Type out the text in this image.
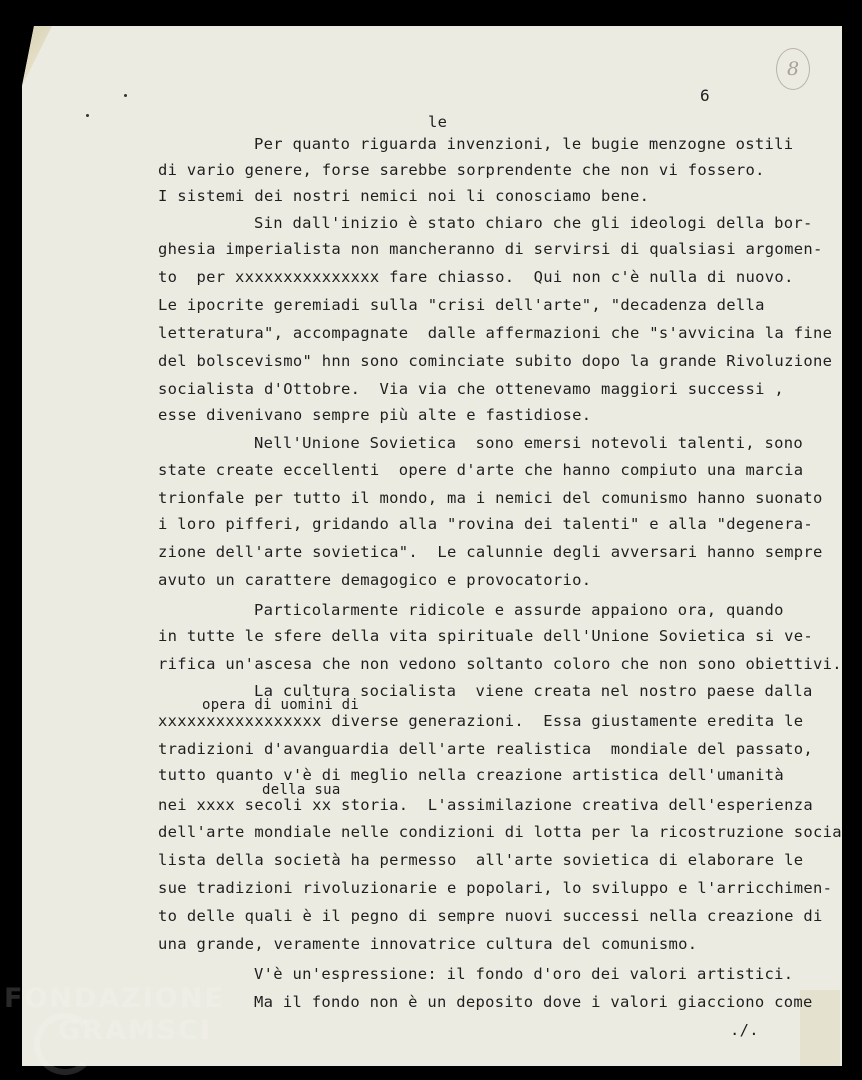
8
6
le
Per quanto riguarda invenzioni, le bugie menzogne ostili
di vario genere, forse sarebbe sorprendente che non vi fossero.
I sistemi dei nostri nemici noi li conosciamo bene.
Sin dall'inizio è stato chiaro che gli ideologi della bor-
ghesia imperialista non mancheranno di servirsi di qualsiasi argomen-
to  per xxxxxxxxxxxxxxx fare chiasso.  Qui non c'è nulla di nuovo.
Le ipocrite geremiadi sulla "crisi dell'arte", "decadenza della
letteratura", accompagnate  dalle affermazioni che "s'avvicina la fine
del bolscevismo" hnn sono cominciate subito dopo la grande Rivoluzione
socialista d'Ottobre.  Via via che ottenevamo maggiori successi ,
esse divenivano sempre più alte e fastidiose.
Nell'Unione Sovietica  sono emersi notevoli talenti, sono
state create eccellenti  opere d'arte che hanno compiuto una marcia
trionfale per tutto il mondo, ma i nemici del comunismo hanno suonato
i loro pifferi, gridando alla "rovina dei talenti" e alla "degenera-
zione dell'arte sovietica".  Le calunnie degli avversari hanno sempre
avuto un carattere demagogico e provocatorio.
Particolarmente ridicole e assurde appaiono ora, quando
in tutte le sfere della vita spirituale dell'Unione Sovietica si ve-
rifica un'ascesa che non vedono soltanto coloro che non sono obiettivi.
La cultura socialista  viene creata nel nostro paese dalla
opera di uomini di
xxxxxxxxxxxxxxxxx diverse generazioni.  Essa giustamente eredita le
tradizioni d'avanguardia dell'arte realistica  mondiale del passato,
tutto quanto v'è di meglio nella creazione artistica dell'umanità
della sua
nei xxxx secoli xx storia.  L'assimilazione creativa dell'esperienza
dell'arte mondiale nelle condizioni di lotta per la ricostruzione socia
lista della società ha permesso  all'arte sovietica di elaborare le
sue tradizioni rivoluzionarie e popolari, lo sviluppo e l'arricchimen-
to delle quali è il pegno di sempre nuovi successi nella creazione di
una grande, veramente innovatrice cultura del comunismo.
V'è un'espressione: il fondo d'oro dei valori artistici.
Ma il fondo non è un deposito dove i valori giacciono come
./.
FONDAZIONE
GRAMSCI
